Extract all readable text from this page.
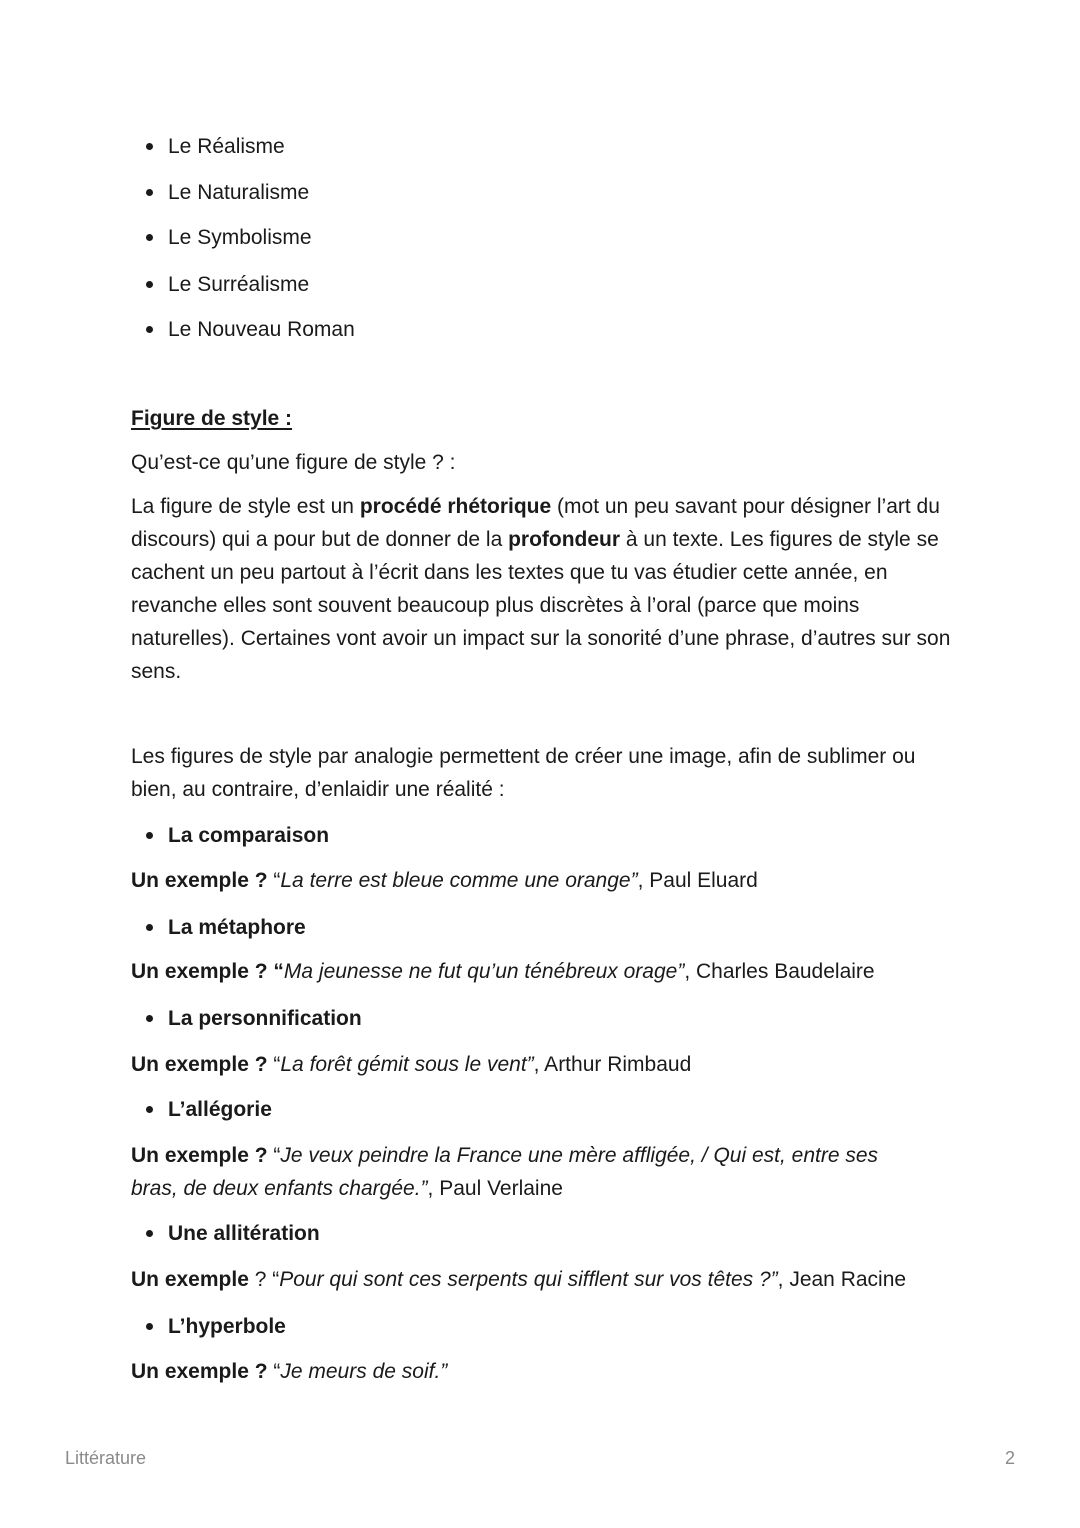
Le Réalisme

Le Naturalisme

Le Symbolisme

Le Surréalisme

Le Nouveau Roman

Figure de style :

Qu’est-ce qu’une figure de style ? :

La figure de style est un procédé rhétorique (mot un peu savant pour désigner l’art du discours) qui a pour but de donner de la profondeur à un texte. Les figures de style se cachent un peu partout à l’écrit dans les textes que tu vas étudier cette année, en revanche elles sont souvent beaucoup plus discrètes à l’oral (parce que moins naturelles). Certaines vont avoir un impact sur la sonorité d’une phrase, d’autres sur son sens.

Les figures de style par analogie permettent de créer une image, afin de sublimer ou bien, au contraire, d’enlaidir une réalité :

La comparaison

Un exemple ? “La terre est bleue comme une orange”, Paul Eluard

La métaphore

Un exemple ? “Ma jeunesse ne fut qu’un ténébreux orage”, Charles Baudelaire

La personnification

Un exemple ? “La forêt gémit sous le vent”, Arthur Rimbaud

L’allégorie

Un exemple ? “Je veux peindre la France une mère affligée, / Qui est, entre ses bras, de deux enfants chargée.”, Paul Verlaine

Une allitération

Un exemple ? “Pour qui sont ces serpents qui sifflent sur vos têtes ?”, Jean Racine

L’hyperbole

Un exemple ? “Je meurs de soif.”

Littérature	2
